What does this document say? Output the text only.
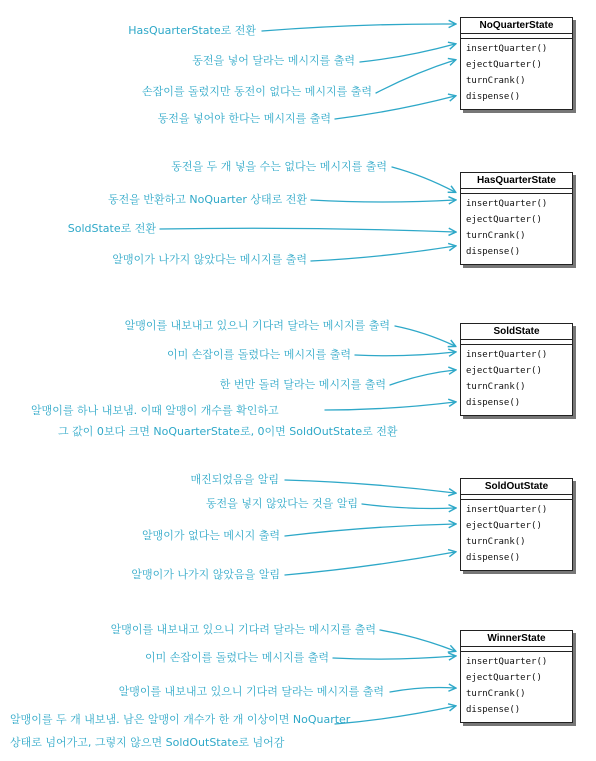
NoQuarterState
insertQuarter()
ejectQuarter()
turnCrank()
dispense()
HasQuarterState로 전환
동전을 넣어 달라는 메시지를 출력
손잡이를 돌렸지만 동전이 없다는 메시지를 출력
동전을 넣어야 한다는 메시지를 출력
HasQuarterState
insertQuarter()
ejectQuarter()
turnCrank()
dispense()
동전을 두 개 넣을 수는 없다는 메시지를 출력
동전을 반환하고 NoQuarter 상태로 전환
SoldState로 전환
알맹이가 나가지 않았다는 메시지를 출력
SoldState
insertQuarter()
ejectQuarter()
turnCrank()
dispense()
알맹이를 내보내고 있으니 기다려 달라는 메시지를 출력
이미 손잡이를 돌렸다는 메시지를 출력
한 번만 돌려 달라는 메시지를 출력
알맹이를 하나 내보냄. 이때 알맹이 개수를 확인하고
그 값이 0보다 크면 NoQuarterState로, 0이면 SoldOutState로 전환
SoldOutState
insertQuarter()
ejectQuarter()
turnCrank()
dispense()
매진되었음을 알림
동전을 넣지 않았다는 것을 알림
알맹이가 없다는 메시지 출력
알맹이가 나가지 않았음을 알림
WinnerState
insertQuarter()
ejectQuarter()
turnCrank()
dispense()
알맹이를 내보내고 있으니 기다려 달라는 메시지를 출력
이미 손잡이를 돌렸다는 메시지를 출력
알맹이를 내보내고 있으니 기다려 달라는 메시지를 출력
알맹이를 두 개 내보냄. 남은 알맹이 개수가 한 개 이상이면 NoQuarter
상태로 넘어가고, 그렇지 않으면 SoldOutState로 넘어감
